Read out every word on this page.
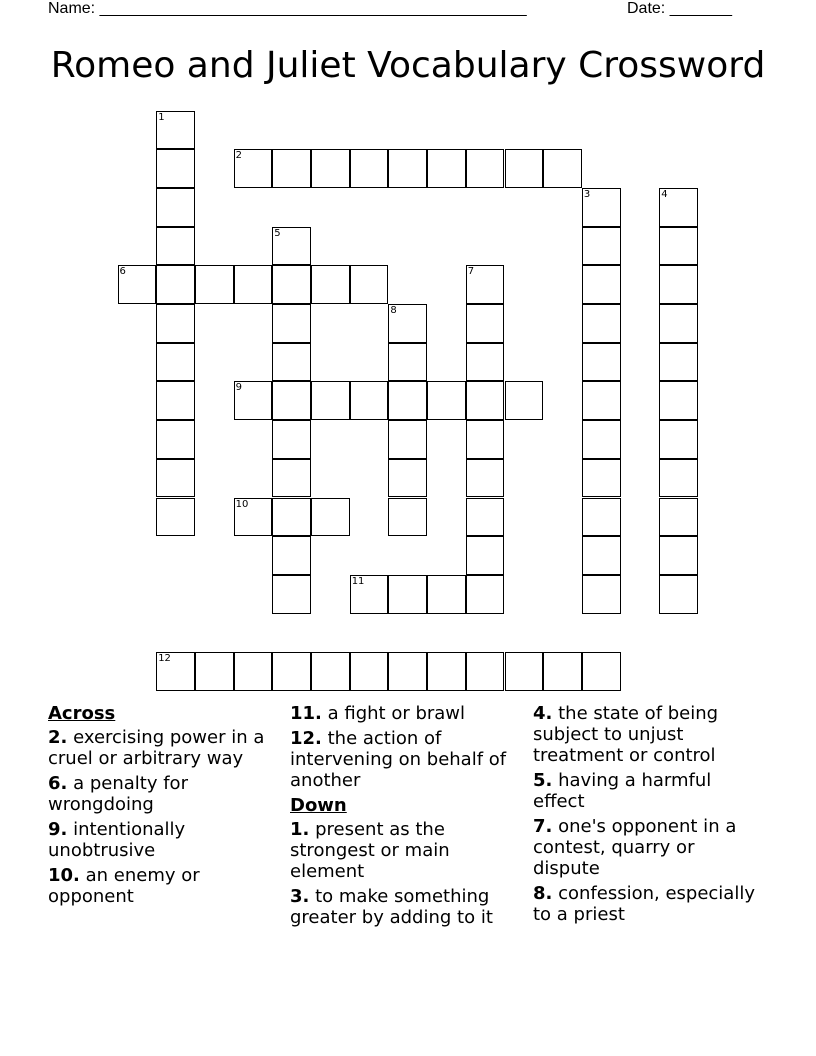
Name: ________________________________________________	Date: _______
Romeo and Juliet Vocabulary Crossword
1
2
3	4
5
6	7
8
9
10
11
12
Across
2. exercising power in a cruel or arbitrary way
6. a penalty for wrongdoing
9. intentionally unobtrusive
10. an enemy or opponent
11. a fight or brawl
12. the action of intervening on behalf of another
Down
1. present as the strongest or main element
3. to make something greater by adding to it
4. the state of being subject to unjust treatment or control
5. having a harmful effect
7. one's opponent in a contest, quarry or dispute
8. confession, especially to a priest
